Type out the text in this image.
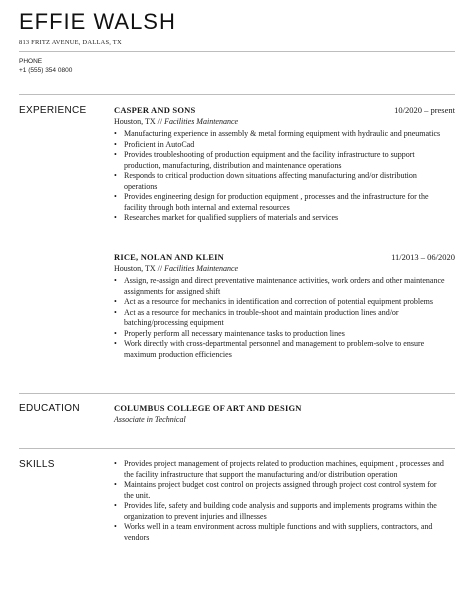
EFFIE WALSH
813 FRITZ AVENUE, DALLAS, TX
PHONE
+1 (555) 354 0800
EXPERIENCE	CASPER AND SONS	10/2020 – present
Houston, TX // Facilities Maintenance
• Manufacturing experience in assembly & metal forming equipment with hydraulic and pneumatics
• Proficient in AutoCad
• Provides troubleshooting of production equipment and the facility infrastructure to support production, manufacturing, distribution and maintenance operations
• Responds to critical production down situations affecting manufacturing and/or distribution operations
• Provides engineering design for production equipment , processes and the infrastructure for the facility through both internal and external resources
• Researches market for qualified suppliers of materials and services
RICE, NOLAN AND KLEIN	11/2013 – 06/2020
Houston, TX // Facilities Maintenance
• Assign, re-assign and direct preventative maintenance activities, work orders and other maintenance assignments for assigned shift
• Act as a resource for mechanics in identification and correction of potential equipment problems
• Act as a resource for mechanics in trouble-shoot and maintain production lines and/or batching/processing equipment
• Properly perform all necessary maintenance tasks to production lines
• Work directly with cross-departmental personnel and management to problem-solve to ensure maximum production efficiencies
EDUCATION	COLUMBUS COLLEGE OF ART AND DESIGN
Associate in Technical
SKILLS
•	Provides project management of projects related to production machines, equipment , processes and the facility infrastructure that support the manufacturing and/or distribution operation
• Maintains project budget cost control on projects assigned through project cost control system for the unit.
• Provides life, safety and building code analysis and supports and implements programs within the organization to prevent injuries and illnesses
• Works well in a team environment across multiple functions and with suppliers, contractors, and vendors
